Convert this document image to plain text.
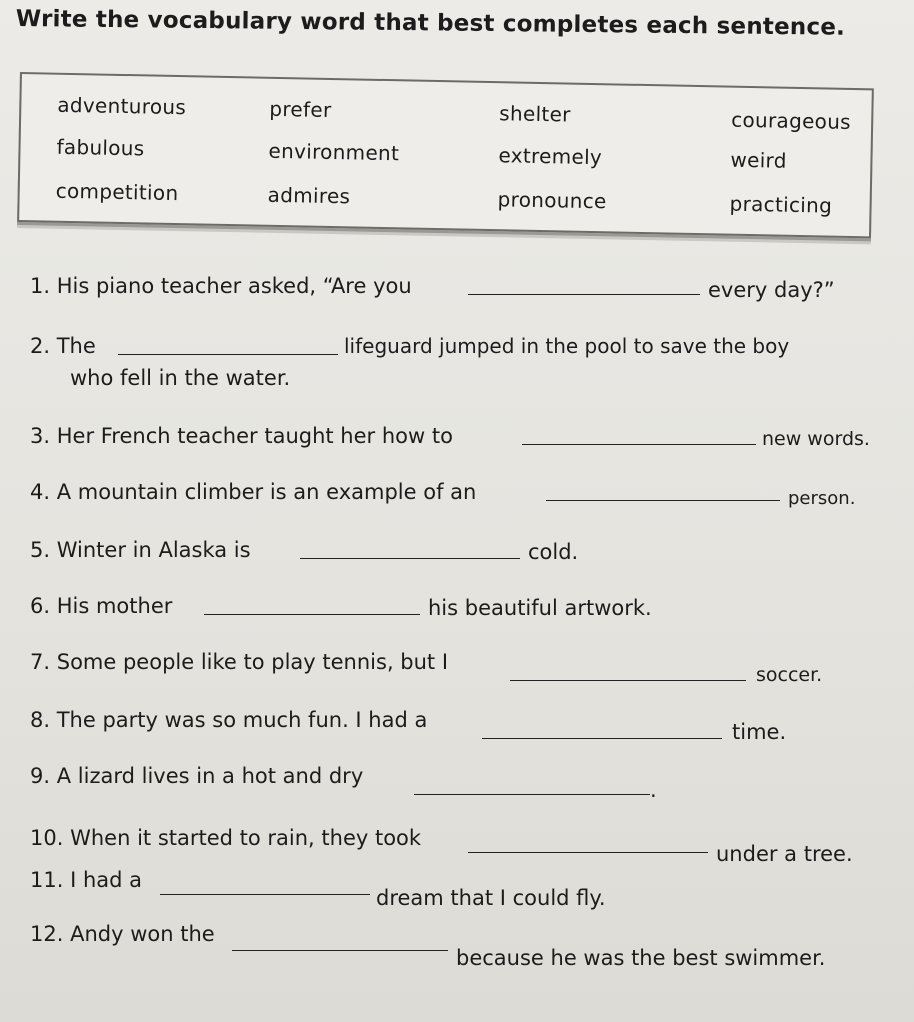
Write the vocabulary word that best completes each sentence.
adventurous	prefer	shelter	courageous
fabulous	environment	extremely	weird
competition	admires	pronounce	practicing
1. His piano teacher asked, “Are you	every day?”
2. The	lifeguard jumped in the pool to save the boy
who fell in the water.
3. Her French teacher taught her how to	new words.
4. A mountain climber is an example of an	person.
5. Winter in Alaska is	cold.
6. His mother	his beautiful artwork.
7. Some people like to play tennis, but I
soccer.
8. The party was so much fun. I had a	time.
9. A lizard lives in a hot and dry
.
10. When it started to rain, they took
under a tree.
11. I had a
dream that I could fly.
12. Andy won the
because he was the best swimmer.
